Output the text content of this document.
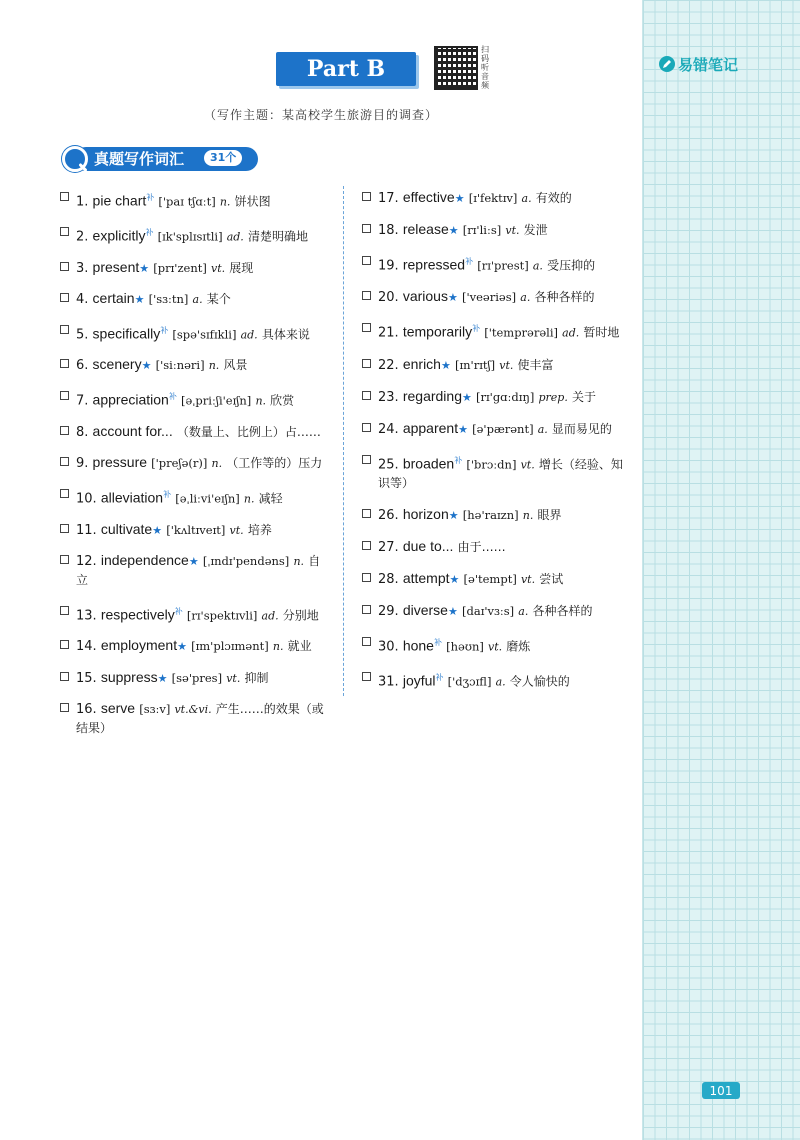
易错笔记
101
Part B
扫码听音频
（写作主题：某高校学生旅游目的调查）
真题写作词汇	31个
1. pie chart$^补$ ['paɪ tʃɑːt] n. 饼状图
2. explicitly$^补$ [ɪk'splɪsɪtli] ad. 清楚明确地
3. present★ [prɪ'zent] vt. 展现
4. certain★ ['sɜːtn] a. 某个
5. specifically$^补$ [spə'sɪfɪkli] ad. 具体来说
6. scenery★ ['siːnəri] n. 风景
7. appreciation$^补$ [əˌpriːʃi'eɪʃn] n. 欣赏
8. account for... （数量上、比例上）占……
9. pressure ['preʃə(r)] n. （工作等的）压力
10. alleviation$^补$ [əˌliːvi'eɪʃn] n. 减轻
11. cultivate★ ['kʌltɪveɪt] vt. 培养
12. independence★ [ˌɪndɪ'pendəns] n. 自立
13. respectively$^补$ [rɪ'spektɪvli] ad. 分别地
14. employment★ [ɪm'plɔɪmənt] n. 就业
15. suppress★ [sə'pres] vt. 抑制
16. serve [sɜːv] vt.&vi. 产生……的效果（或结果）
17. effective★ [ɪ'fektɪv] a. 有效的
18. release★ [rɪ'liːs] vt. 发泄
19. repressed$^补$ [rɪ'prest] a. 受压抑的
20. various★ ['veəriəs] a. 各种各样的
21. temporarily$^补$ ['temprərəli] ad. 暂时地
22. enrich★ [ɪn'rɪtʃ] vt. 使丰富
23. regarding★ [rɪ'gɑːdɪŋ] prep. 关于
24. apparent★ [ə'pærənt] a. 显而易见的
25. broaden$^补$ ['brɔːdn] vt. 增长（经验、知识等）
26. horizon★ [hə'raɪzn] n. 眼界
27. due to... 由于……
28. attempt★ [ə'tempt] vt. 尝试
29. diverse★ [daɪ'vɜːs] a. 各种各样的
30. hone$^补$ [həʊn] vt. 磨炼
31. joyful$^补$ ['dʒɔɪfl] a. 令人愉快的
